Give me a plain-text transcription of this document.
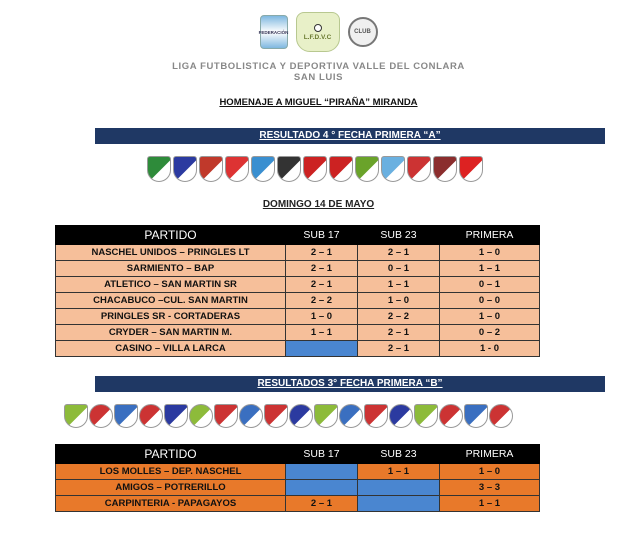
FEDERACIÓN
L.F.D.V.C
CLUB
LIGA FUTBOLISTICA Y DEPORTIVA VALLE DEL CONLARA
SAN LUIS
HOMENAJE A MIGUEL “PIRAÑA” MIRANDA
RESULTADO 4 ° FECHA PRIMERA “A”
DOMINGO 14 DE MAYO
PARTIDO	SUB 17	SUB 23	PRIMERA
NASCHEL UNIDOS – PRINGLES LT	2 – 1	2 – 1	1 – 0
SARMIENTO – BAP	2 – 1	0 – 1	1 – 1
ATLETICO – SAN MARTIN SR	2 – 1	1 – 1	0 – 1
CHACABUCO –CUL. SAN MARTIN	2 – 2	1 – 0	0 – 0
PRINGLES SR - CORTADERAS	1 – 0	2 – 2	1 – 0
CRYDER – SAN MARTIN M.	1 – 1	2 – 1	0 – 2
CASINO – VILLA LARCA		2 – 1	1 - 0
RESULTADOS 3° FECHA PRIMERA “B”
PARTIDO	SUB 17	SUB 23	PRIMERA
LOS MOLLES – DEP. NASCHEL		1 – 1	1 – 0
AMIGOS – POTRERILLO			3 – 3
CARPINTERIA - PAPAGAYOS	2 – 1		1 – 1
